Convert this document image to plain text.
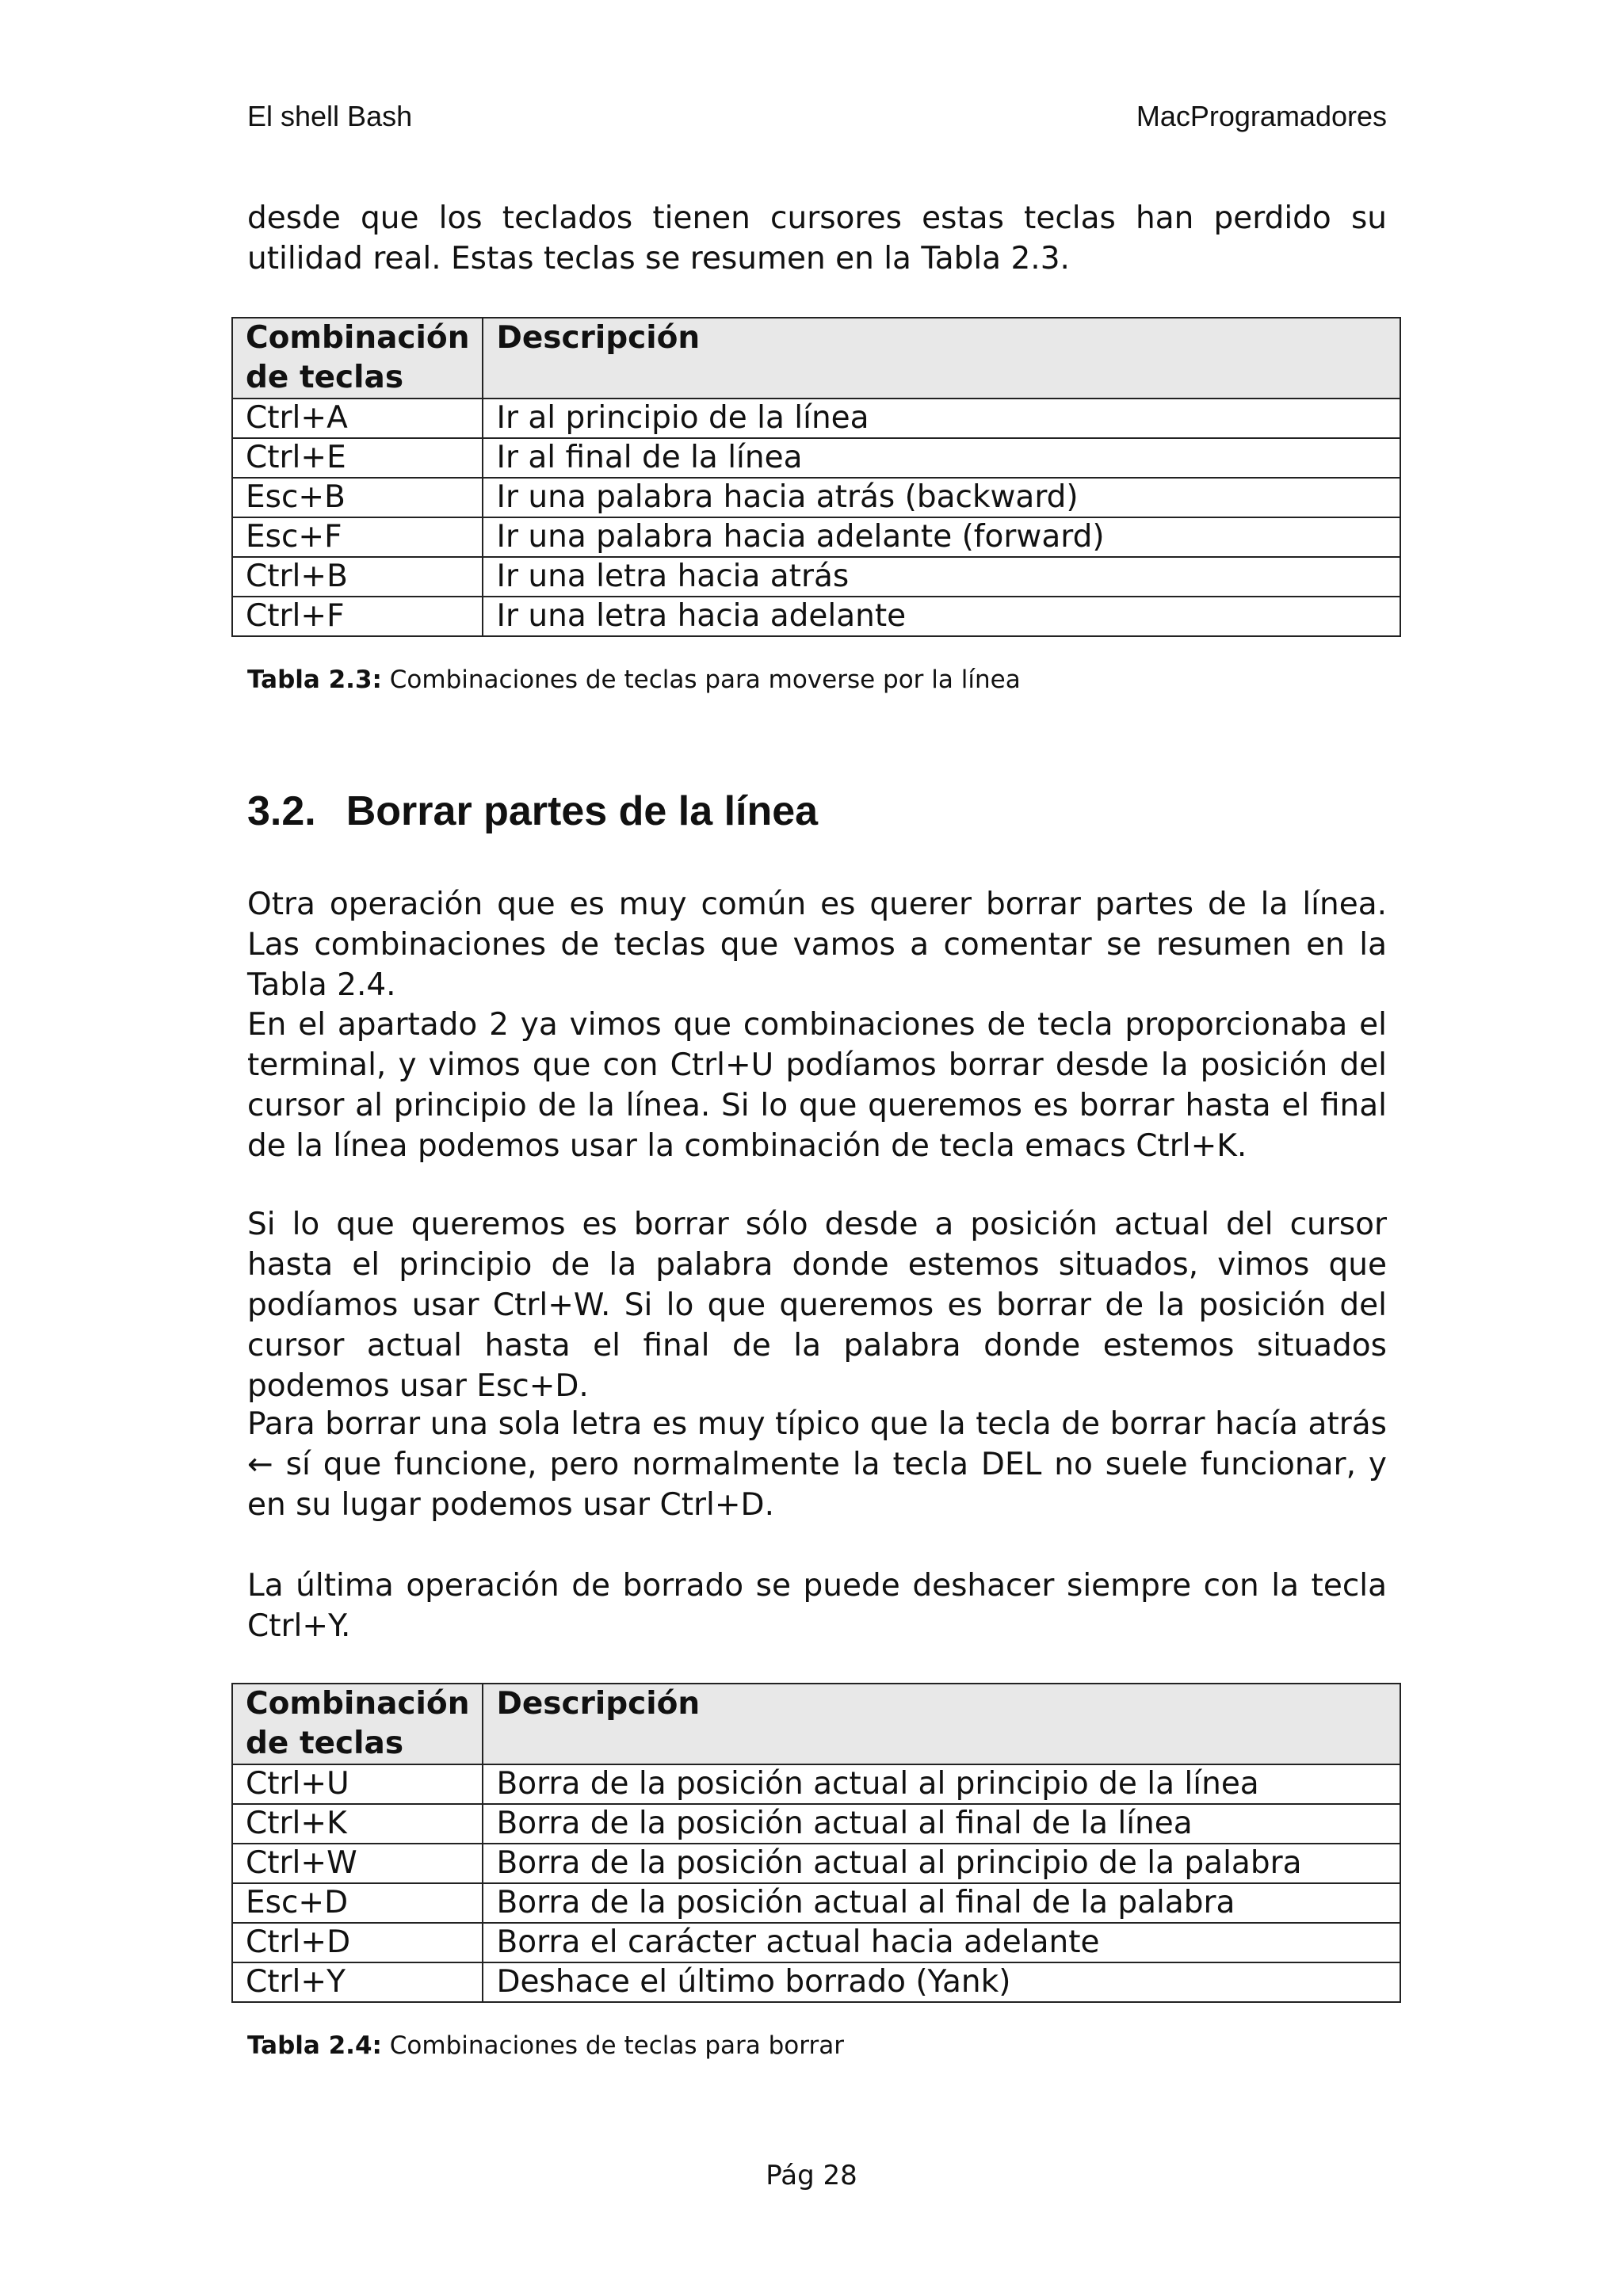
El shell Bash	MacProgramadores

desde que los teclados tienen cursores estas teclas han perdido su utilidad real. Estas teclas se resumen en la Tabla 2.3.

Combinación de teclas	Descripción
Ctrl+A	Ir al principio de la línea
Ctrl+E	Ir al final de la línea
Esc+B	Ir una palabra hacia atrás (backward)
Esc+F	Ir una palabra hacia adelante (forward)
Ctrl+B	Ir una letra hacia atrás
Ctrl+F	Ir una letra hacia adelante

Tabla 2.3: Combinaciones de teclas para moverse por la línea

3.2. Borrar partes de la línea

Otra operación que es muy común es querer borrar partes de la línea. Las combinaciones de teclas que vamos a comentar se resumen en la Tabla 2.4.

En el apartado 2 ya vimos que combinaciones de tecla proporcionaba el terminal, y vimos que con Ctrl+U podíamos borrar desde la posición del cursor al principio de la línea. Si lo que queremos es borrar hasta el final de la línea podemos usar la combinación de tecla emacs Ctrl+K.

Si lo que queremos es borrar sólo desde a posición actual del cursor hasta el principio de la palabra donde estemos situados, vimos que podíamos usar Ctrl+W. Si lo que queremos es borrar de la posición del cursor actual hasta el final de la palabra donde estemos situados podemos usar Esc+D.

Para borrar una sola letra es muy típico que la tecla de borrar hacía atrás ← sí que funcione, pero normalmente la tecla DEL no suele funcionar, y en su lugar podemos usar Ctrl+D.

La última operación de borrado se puede deshacer siempre con la tecla Ctrl+Y.

Combinación de teclas	Descripción
Ctrl+U	Borra de la posición actual al principio de la línea
Ctrl+K	Borra de la posición actual al final de la línea
Ctrl+W	Borra de la posición actual al principio de la palabra
Esc+D	Borra de la posición actual al final de la palabra
Ctrl+D	Borra el carácter actual hacia adelante
Ctrl+Y	Deshace el último borrado (Yank)

Tabla 2.4: Combinaciones de teclas para borrar

Pág 28
